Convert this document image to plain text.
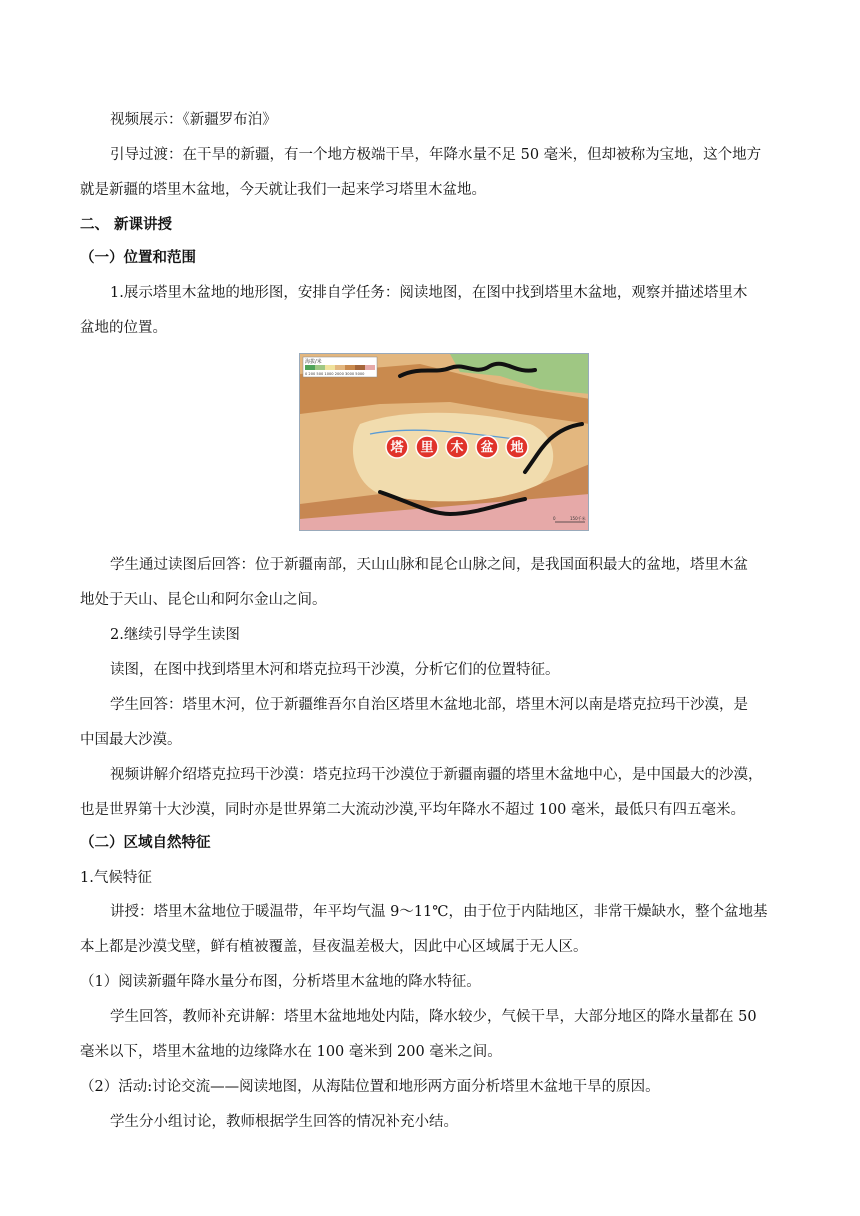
视频展示：《新疆罗布泊》
引导过渡：在干旱的新疆，有一个地方极端干旱，年降水量不足 50 毫米，但却被称为宝地，这个地方
就是新疆的塔里木盆地，今天就让我们一起来学习塔里木盆地。
二、 新课讲授
（一）位置和范围
1.展示塔里木盆地的地形图，安排自学任务：阅读地图，在图中找到塔里木盆地，观察并描述塔里木
盆地的位置。
海拔/米
0 200 500 1000 2000 3000 5000
塔 里 木 盆 地
0	150千米
学生通过读图后回答：位于新疆南部，天山山脉和昆仑山脉之间，是我国面积最大的盆地，塔里木盆
地处于天山、昆仑山和阿尔金山之间。
2.继续引导学生读图
读图，在图中找到塔里木河和塔克拉玛干沙漠，分析它们的位置特征。
学生回答：塔里木河，位于新疆维吾尔自治区塔里木盆地北部，塔里木河以南是塔克拉玛干沙漠，是
中国最大沙漠。
视频讲解介绍塔克拉玛干沙漠：塔克拉玛干沙漠位于新疆南疆的塔里木盆地中心，是中国最大的沙漠，
也是世界第十大沙漠，同时亦是世界第二大流动沙漠,平均年降水不超过 100 毫米，最低只有四五毫米。
（二）区域自然特征
1.气候特征
讲授：塔里木盆地位于暖温带，年平均气温 9～11℃，由于位于内陆地区，非常干燥缺水，整个盆地基
本上都是沙漠戈壁，鲜有植被覆盖，昼夜温差极大，因此中心区域属于无人区。
（1）阅读新疆年降水量分布图，分析塔里木盆地的降水特征。
学生回答，教师补充讲解：塔里木盆地地处内陆，降水较少，气候干旱，大部分地区的降水量都在 50
毫米以下，塔里木盆地的边缘降水在 100 毫米到 200 毫米之间。
（2）活动:讨论交流——阅读地图，从海陆位置和地形两方面分析塔里木盆地干旱的原因。
学生分小组讨论，教师根据学生回答的情况补充小结。
